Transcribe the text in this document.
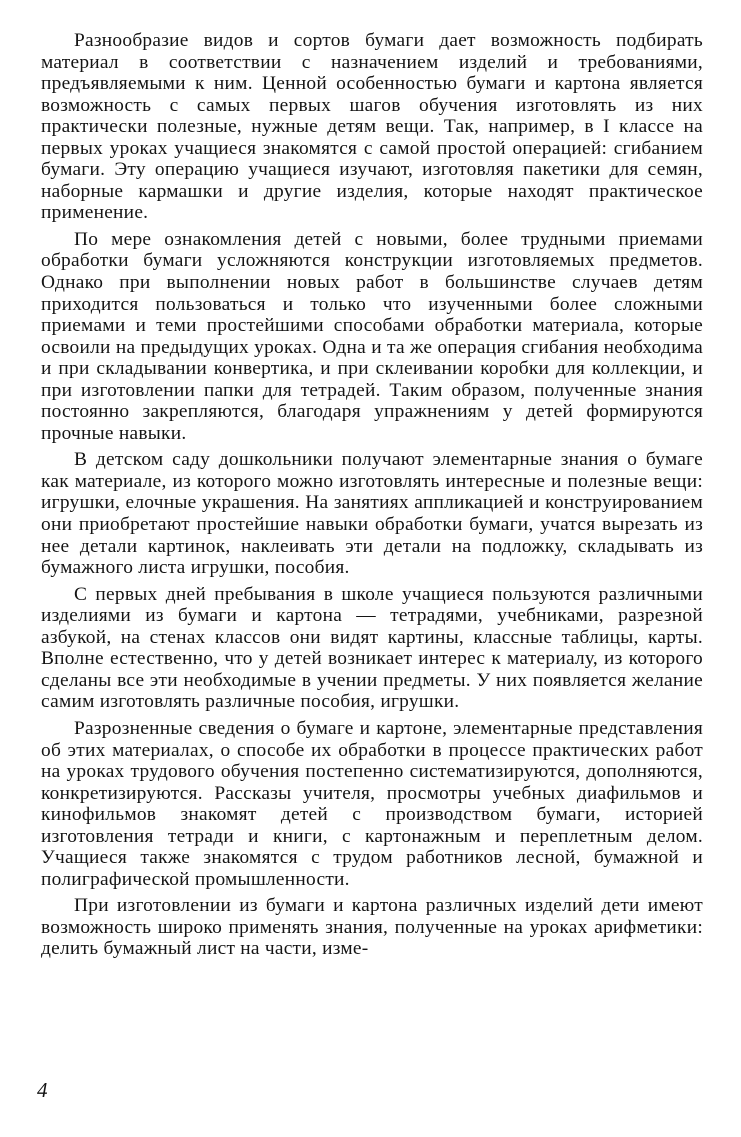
Разнообразие видов и сортов бумаги дает возможность подбирать материал в соответствии с назначением изделий и требованиями, предъявляемыми к ним. Ценной особенностью бумаги и картона является возможность с самых первых шагов обучения изготовлять из них практически полезные, нужные детям вещи. Так, например, в I классе на первых уроках учащиеся знакомятся с самой простой операцией: сгибанием бумаги. Эту операцию учащиеся изучают, изготовляя пакетики для семян, наборные кармашки и другие изделия, которые находят практическое применение.

По мере ознакомления детей с новыми, более трудными приемами обработки бумаги усложняются конструкции изготовляемых предметов. Однако при выполнении новых работ в большинстве случаев детям приходится пользоваться и только что изученными более сложными приемами и теми простейшими способами обработки материала, которые освоили на предыдущих уроках. Одна и та же операция сгибания необходима и при складывании конвертика, и при склеивании коробки для коллекции, и при изготовлении папки для тетрадей. Таким образом, полученные знания постоянно закрепляются, благодаря упражнениям у детей формируются прочные навыки.

В детском саду дошкольники получают элементарные знания о бумаге как материале, из которого можно изготовлять интересные и полезные вещи: игрушки, елочные украшения. На занятиях аппликацией и конструированием они приобретают простейшие навыки обработки бумаги, учатся вырезать из нее детали картинок, наклеивать эти детали на подложку, складывать из бумажного листа игрушки, пособия.

С первых дней пребывания в школе учащиеся пользуются различными изделиями из бумаги и картона — тетрадями, учебниками, разрезной азбукой, на стенах классов они видят картины, классные таблицы, карты. Вполне естественно, что у детей возникает интерес к материалу, из которого сделаны все эти необходимые в учении предметы. У них появляется желание самим изготовлять различные пособия, игрушки.

Разрозненные сведения о бумаге и картоне, элементарные представления об этих материалах, о способе их обработки в процессе практических работ на уроках трудового обучения постепенно систематизируются, дополняются, конкретизируются. Рассказы учителя, просмотры учебных диафильмов и кинофильмов знакомят детей с производством бумаги, историей изготовления тетради и книги, с картонажным и переплетным делом. Учащиеся также знакомятся с трудом работников лесной, бумажной и полиграфической промышленности.

При изготовлении из бумаги и картона различных изделий дети имеют возможность широко применять знания, полученные на уроках арифметики: делить бумажный лист на части, изме-

4
